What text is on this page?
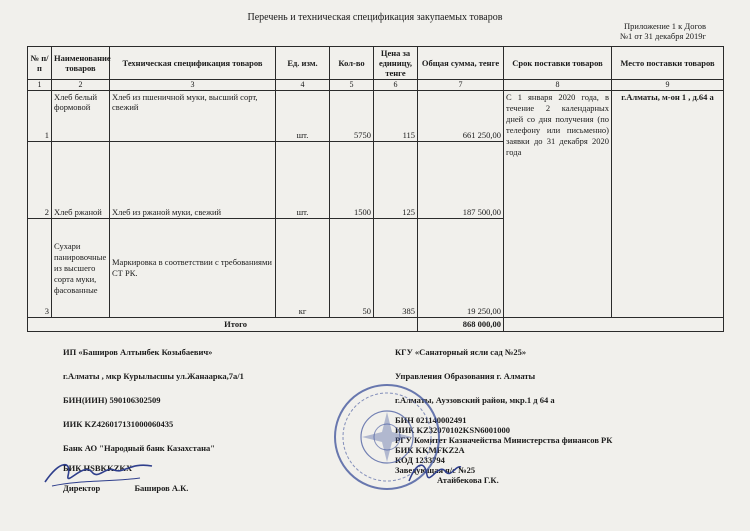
Перечень и техническая спецификация закупаемых товаров
Приложение 1 к Догов
№1 от 31 декабря 2019г
№ п/п	Наименование товаров	Техническая спецификация товаров	Ед. изм.	Кол-во	Цена за единицу, тенге	Общая сумма, тенге	Срок поставки товаров	Место поставки товаров
1	2	3	4	5	6	7	8	9
1	Хлеб белый формовой	Хлеб из пшеничной муки, высший сорт, свежий	шт.	5750	115	661 250,00	С 1 января 2020 года, в течение 2 календарных дней со дня получения (по телефону или письменно) заявки до 31 декабря 2020 года	г.Алматы, м-он 1 , д.64 а
2	Хлеб ржаной	Хлеб из ржаной муки, свежий	шт.	1500	125	187 500,00		
3	Сухари панировочные из высшего сорта муки, фасованные	Маркировка в соответствии с требованиями СТ РК.	кг	50	385	19 250,00		
Итого						868 000,00		
ИП «Баширов Алтынбек Козыбаевич»
г.Алматы , мкр Курылысшы ул.Жанаарка,7а/1
БИН(ИИН) 590106302509
ИИК KZ426017131000060435
Банк АО "Народный банк Казахстана"
БИК HSBKKZKX
Директор	Баширов А.К.
КГУ «Санаторный ясли сад №25»
Управления Образования г. Алматы
г.Алматы, Ауэзовский район, мкр.1 д 64 а
БИН 021140002491
ИИК KZ32070102KSN6001000
РГУ Комитет Казначейства Министерства финансов РК
БИК KKMFKZ2A
КОД 1233794
Заведующая я/с №25
Атайбекова Г.К.
